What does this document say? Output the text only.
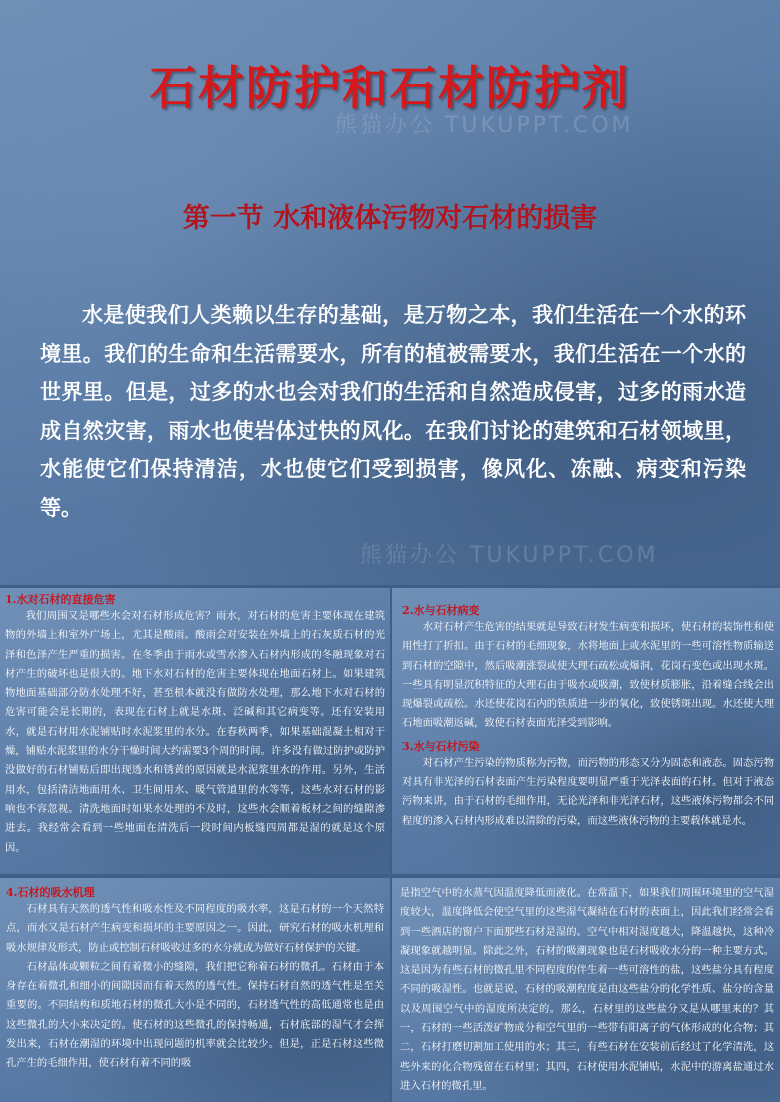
熊猫办公 TUKUPPT.COM
熊猫办公 TUKUPPT.COM
石材防护和石材防护剂
第一节 水和液体污物对石材的损害

水是使我们人类赖以生存的基础，是万物之本，我们生活在一个水的环境里。我们的生命和生活需要水，所有的植被需要水，我们生活在一个水的世界里。但是，过多的水也会对我们的生活和自然造成侵害，过多的雨水造成自然灾害，雨水也使岩体过快的风化。在我们讨论的建筑和石材领域里，水能使它们保持清洁，水也使它们受到损害，像风化、冻融、病变和污染等。

1.水对石材的直接危害

我们周围又是哪些水会对石材形成危害？雨水，对石材的危害主要体现在建筑物的外墙上和室外广场上，尤其是酸雨。酸雨会对安装在外墙上的石灰质石材的光泽和色泽产生严重的损害。在冬季由于雨水或雪水渗入石材内形成的冬融现象对石材产生的破坏也是很大的。地下水对石材的危害主要体现在地面石材上。如果建筑物地面基础部分防水处理不好，甚至根本就没有做防水处理，那么地下水对石材的危害可能会是长期的，表现在石材上就是水斑、泛碱和其它病变等。还有安装用水，就是石材用水泥铺贴时水泥浆里的水分。在春秋两季，如果基础混凝土相对干燥，铺贴水泥浆里的水分干燥时间大约需要3个周的时间。许多没有做过防护或防护没做好的石材铺贴后即出现透水和锈黄的原因就是水泥浆里水的作用。另外，生活用水，包括清洁地面用水、卫生间用水、暖气管道里的水等等，这些水对石材的影响也不容忽视。清洗地面时如果水处理的不及时，这些水会顺着板材之间的缝隙渗进去。我经常会看到一些地面在清洗后一段时间内板缝四周都是湿的就是这个原因。

2.水与石材病变

水对石材产生危害的结果就是导致石材发生病变和损坏，使石材的装饰性和使用性打了折扣。由于石材的毛细现象，水将地面上或水泥里的一些可溶性物质输送到石材的空隙中，然后吸潮涨裂或使大理石疏松或爆洞，花岗石变色或出现水斑。一些具有明显沉积特征的大理石由于吸水或吸潮，致使材质膨胀，沿着缝合线会出现爆裂或疏松。水还使花岗石内的铁质进一步的氧化，致使锈斑出现。水还使大理石地面吸潮返碱，致使石材表面光泽受到影响。

3.水与石材污染

对石材产生污染的物质称为污物，而污物的形态又分为固态和液态。固态污物对具有非光泽的石材表面产生污染程度要明显严重于光泽表面的石材。但对于液态污物来讲，由于石材的毛细作用，无论光泽和非光泽石材，这些液体污物都会不同程度的渗入石材内形成难以清除的污染，而这些液体污物的主要载体就是水。

4.石材的吸水机理

石材具有天然的透气性和吸水性及不同程度的吸水率，这是石材的一个天然特点，而水又是石材产生病变和损坏的主要原因之一。因此，研究石材的吸水机理和吸水规律及形式，防止或控制石材吸收过多的水分就成为做好石材保护的关键。

石材晶体或颗粒之间有着微小的缝隙，我们把它称着石材的微孔。石材由于本身存在着微孔和细小的间隙因而有着天然的透气性。保持石材自然的透气性是至关重要的。不同结构和质地石材的微孔大小是不同的，石材透气性的高低通常也是由这些微孔的大小来决定的。使石材的这些微孔的保持畅通，石材底部的湿气才会挥发出来，石材在潮湿的环境中出现问题的机率就会比较少。但是，正是石材这些微孔产生的毛细作用，使石材有着不同的吸

是指空气中的水蒸气因温度降低而液化。在常温下，如果我们周围环境里的空气湿度较大，温度降低会使空气里的这些湿气凝结在石材的表面上，因此我们经常会看到一些酒店的窗户下面那些石材是湿的。空气中相对湿度越大，降温越快，这种冷凝现象就越明显。除此之外，石材的吸潮现象也是石材吸收水分的一种主要方式。这是因为有些石材的微孔里不同程度的伴生着一些可溶性的盐，这些盐分具有程度不同的吸湿性。也就是说，石材的吸潮程度是由这些盐分的化学性质、盐分的含量以及周围空气中的湿度所决定的。那么，石材里的这些盐分又是从哪里来的？其一，石材的一些活泼矿物成分和空气里的一些带有阳离子的气体形成的化合物；其二，石材打磨切割加工使用的水；其三，有些石材在安装前后经过了化学清洗，这些外来的化合物残留在石材里；其四，石材使用水泥铺贴，水泥中的游离盐通过水进入石材的微孔里。
